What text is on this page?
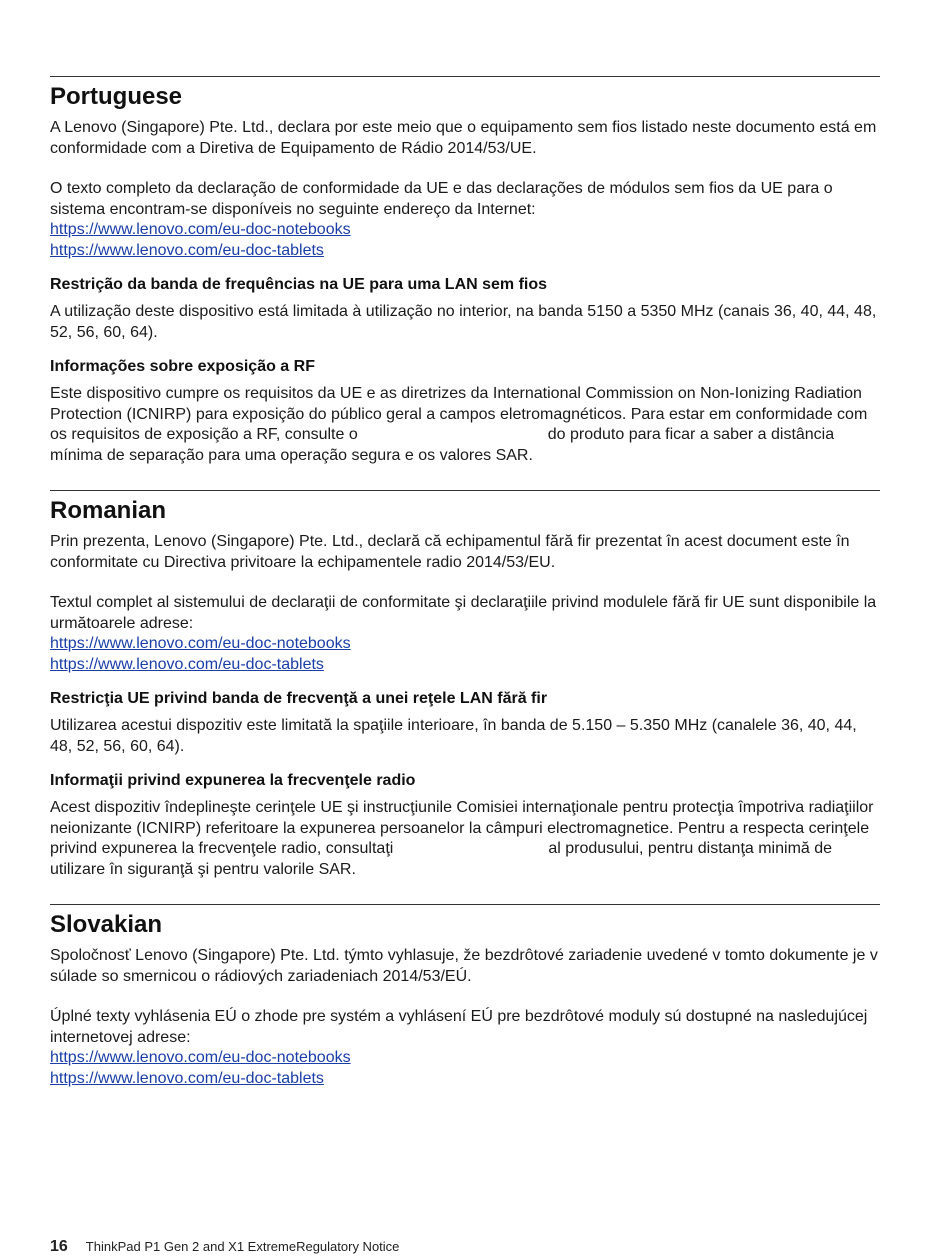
Portuguese

A Lenovo (Singapore) Pte. Ltd., declara por este meio que o equipamento sem fios listado neste documento está em conformidade com a Diretiva de Equipamento de Rádio 2014/53/UE.

O texto completo da declaração de conformidade da UE e das declarações de módulos sem fios da UE para o sistema encontram-se disponíveis no seguinte endereço da Internet:

https://www.lenovo.com/eu-doc-notebooks
https://www.lenovo.com/eu-doc-tablets
Restrição da banda de frequências na UE para uma LAN sem fios

A utilização deste dispositivo está limitada à utilização no interior, na banda 5150 a 5350 MHz (canais 36, 40, 44, 48, 52, 56, 60, 64).

Informações sobre exposição a RF

Este dispositivo cumpre os requisitos da UE e as diretrizes da International Commission on Non-Ionizing Radiation Protection (ICNIRP) para exposição do público geral a campos eletromagnéticos. Para estar em conformidade com os requisitos de exposição a RF, consulte o	do produto para ficar a saber a distância mínima de separação para uma operação segura e os valores SAR.

Romanian

Prin prezenta, Lenovo (Singapore) Pte. Ltd., declară că echipamentul fără fir prezentat în acest document este în conformitate cu Directiva privitoare la echipamentele radio 2014/53/EU.

Textul complet al sistemului de declaraţii de conformitate şi declaraţiile privind modulele fără fir UE sunt disponibile la următoarele adrese:

https://www.lenovo.com/eu-doc-notebooks
https://www.lenovo.com/eu-doc-tablets
Restricţia UE privind banda de frecvenţă a unei reţele LAN fără fir

Utilizarea acestui dispozitiv este limitată la spaţiile interioare, în banda de 5.150 – 5.350 MHz (canalele 36, 40, 44, 48, 52, 56, 60, 64).

Informaţii privind expunerea la frecvenţele radio

Acest dispozitiv îndeplineşte cerinţele UE şi instrucţiunile Comisiei internaţionale pentru protecţia împotriva radiaţiilor neionizante (ICNIRP) referitoare la expunerea persoanelor la câmpuri electromagnetice. Pentru a respecta cerinţele privind expunerea la frecvenţele radio, consultaţi	al produsului, pentru distanţa minimă de utilizare în siguranţă şi pentru valorile SAR.

Slovakian

Spoločnosť Lenovo (Singapore) Pte. Ltd. týmto vyhlasuje, že bezdrôtové zariadenie uvedené v tomto dokumente je v súlade so smernicou o rádiových zariadeniach 2014/53/EÚ.

Úplné texty vyhlásenia EÚ o zhode pre systém a vyhlásení EÚ pre bezdrôtové moduly sú dostupné na nasledujúcej internetovej adrese:

https://www.lenovo.com/eu-doc-notebooks
https://www.lenovo.com/eu-doc-tablets
16 ThinkPad P1 Gen 2 and X1 ExtremeRegulatory Notice
